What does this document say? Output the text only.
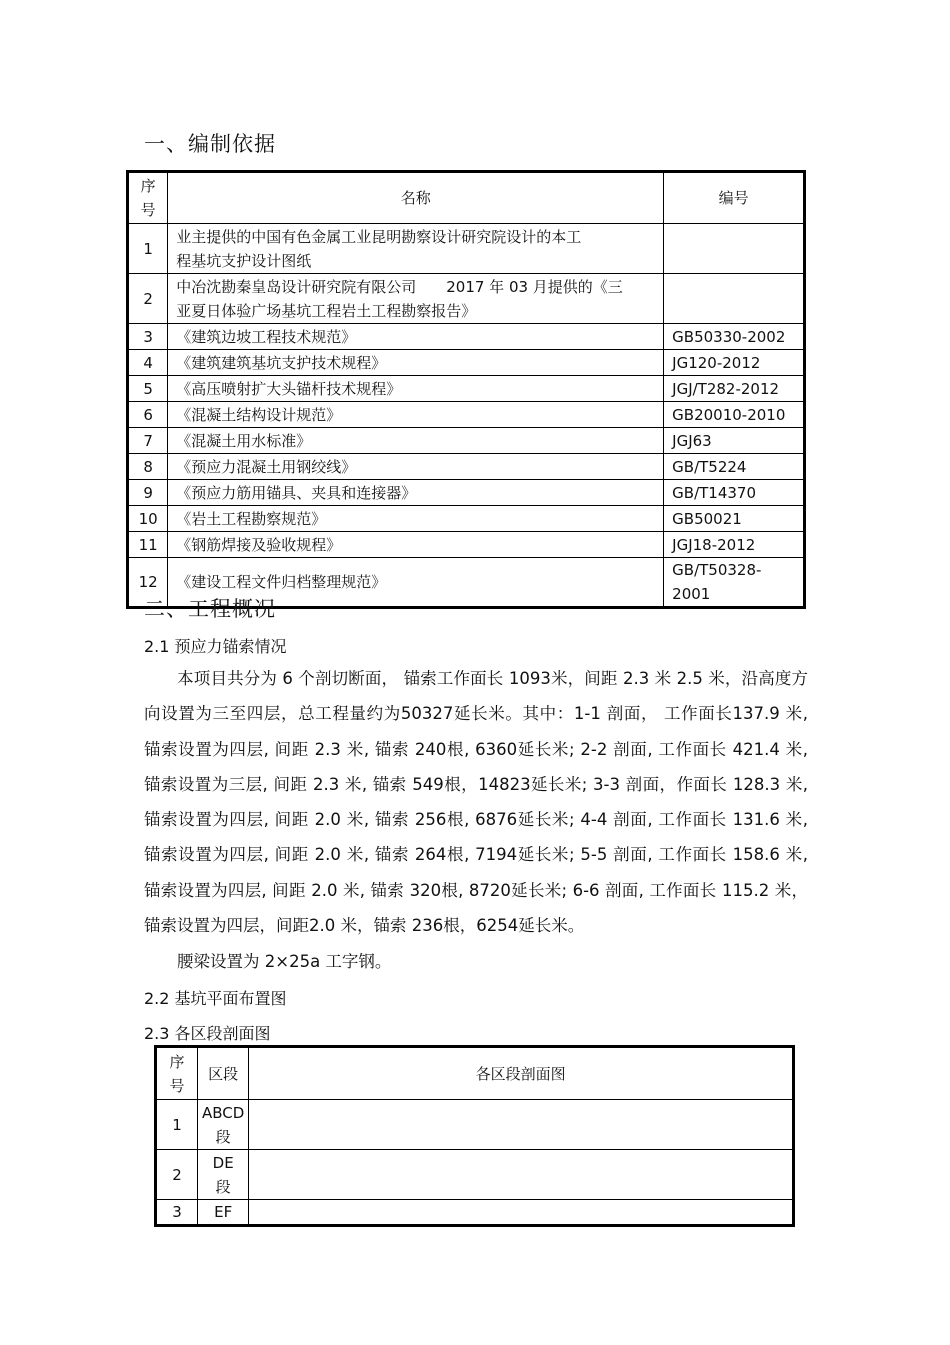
一、编制依据
序
号	名称	编号
1	业主提供的中国有色金属工业昆明勘察设计研究院设计的本工
程基坑支护设计图纸	
2	中冶沈勘秦皇岛设计研究院有限公司　　2017 年 03 月提供的《三
亚夏日体验广场基坑工程岩土工程勘察报告》	
3	《建筑边坡工程技术规范》	GB50330-2002
4	《建筑建筑基坑支护技术规程》	JG120-2012
5	《高压喷射扩大头锚杆技术规程》	JGJ/T282-2012
6	《混凝土结构设计规范》	GB20010-2010
7	《混凝土用水标准》	JGJ63
8	《预应力混凝土用钢绞线》	GB/T5224
9	《预应力筋用锚具、夹具和连接器》	GB/T14370
10	《岩土工程勘察规范》	GB50021
11	《钢筋焊接及验收规程》	JGJ18-2012
12	《建设工程文件归档整理规范》	GB/T50328-2001
二、工程概况
2.1 预应力锚索情况
本项目共分为 6 个剖切断面， 锚索工作面长 1093米，间距 2.3 米 2.5 米，沿高度方向设置为三至四层，总工程量约为50327延长米。其中：1-1 剖面， 工作面长137.9 米, 锚索设置为四层, 间距 2.3 米, 锚索 240根, 6360延长米; 2-2 剖面, 工作面长 421.4 米, 锚索设置为三层, 间距 2.3 米, 锚索 549根，14823延长米; 3-3 剖面，作面长 128.3 米, 锚索设置为四层, 间距 2.0 米, 锚索 256根, 6876延长米; 4-4 剖面, 工作面长 131.6 米, 锚索设置为四层, 间距 2.0 米, 锚索 264根, 7194延长米; 5-5 剖面, 工作面长 158.6 米, 锚索设置为四层, 间距 2.0 米, 锚索 320根, 8720延长米; 6-6 剖面, 工作面长 115.2 米，锚索设置为四层，间距2.0 米，锚索 236根，6254延长米。
腰梁设置为 2×25a 工字钢。
2.2 基坑平面布置图
2.3 各区段剖面图
序
号	区段	各区段剖面图
1	ABCD
段	
2	DE
段	
3	EF	
